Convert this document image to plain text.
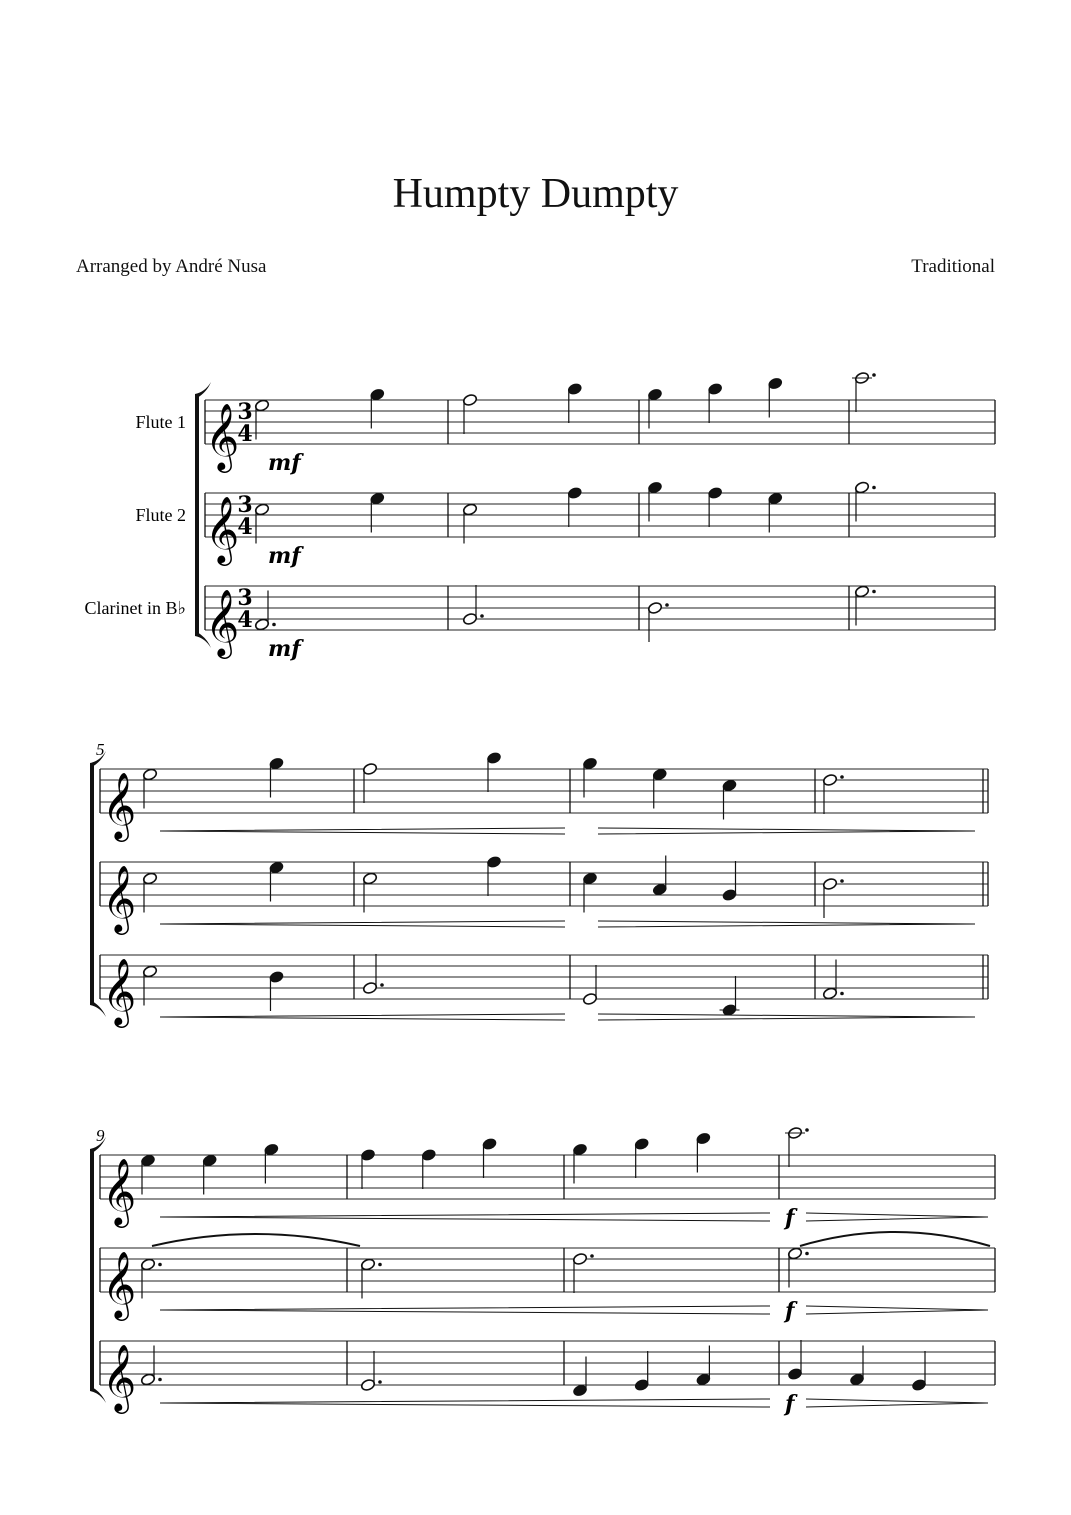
Humpty Dumpty
Arranged by André Nusa	Traditional
𝄞
3
4
Flute 1
mf
𝄞
3
4
Flute 2
mf
𝄞
3
4
Clarinet in B♭
mf
5
𝄞
𝄞
𝄞
9
𝄞	f
𝄞	f
𝄞	f
